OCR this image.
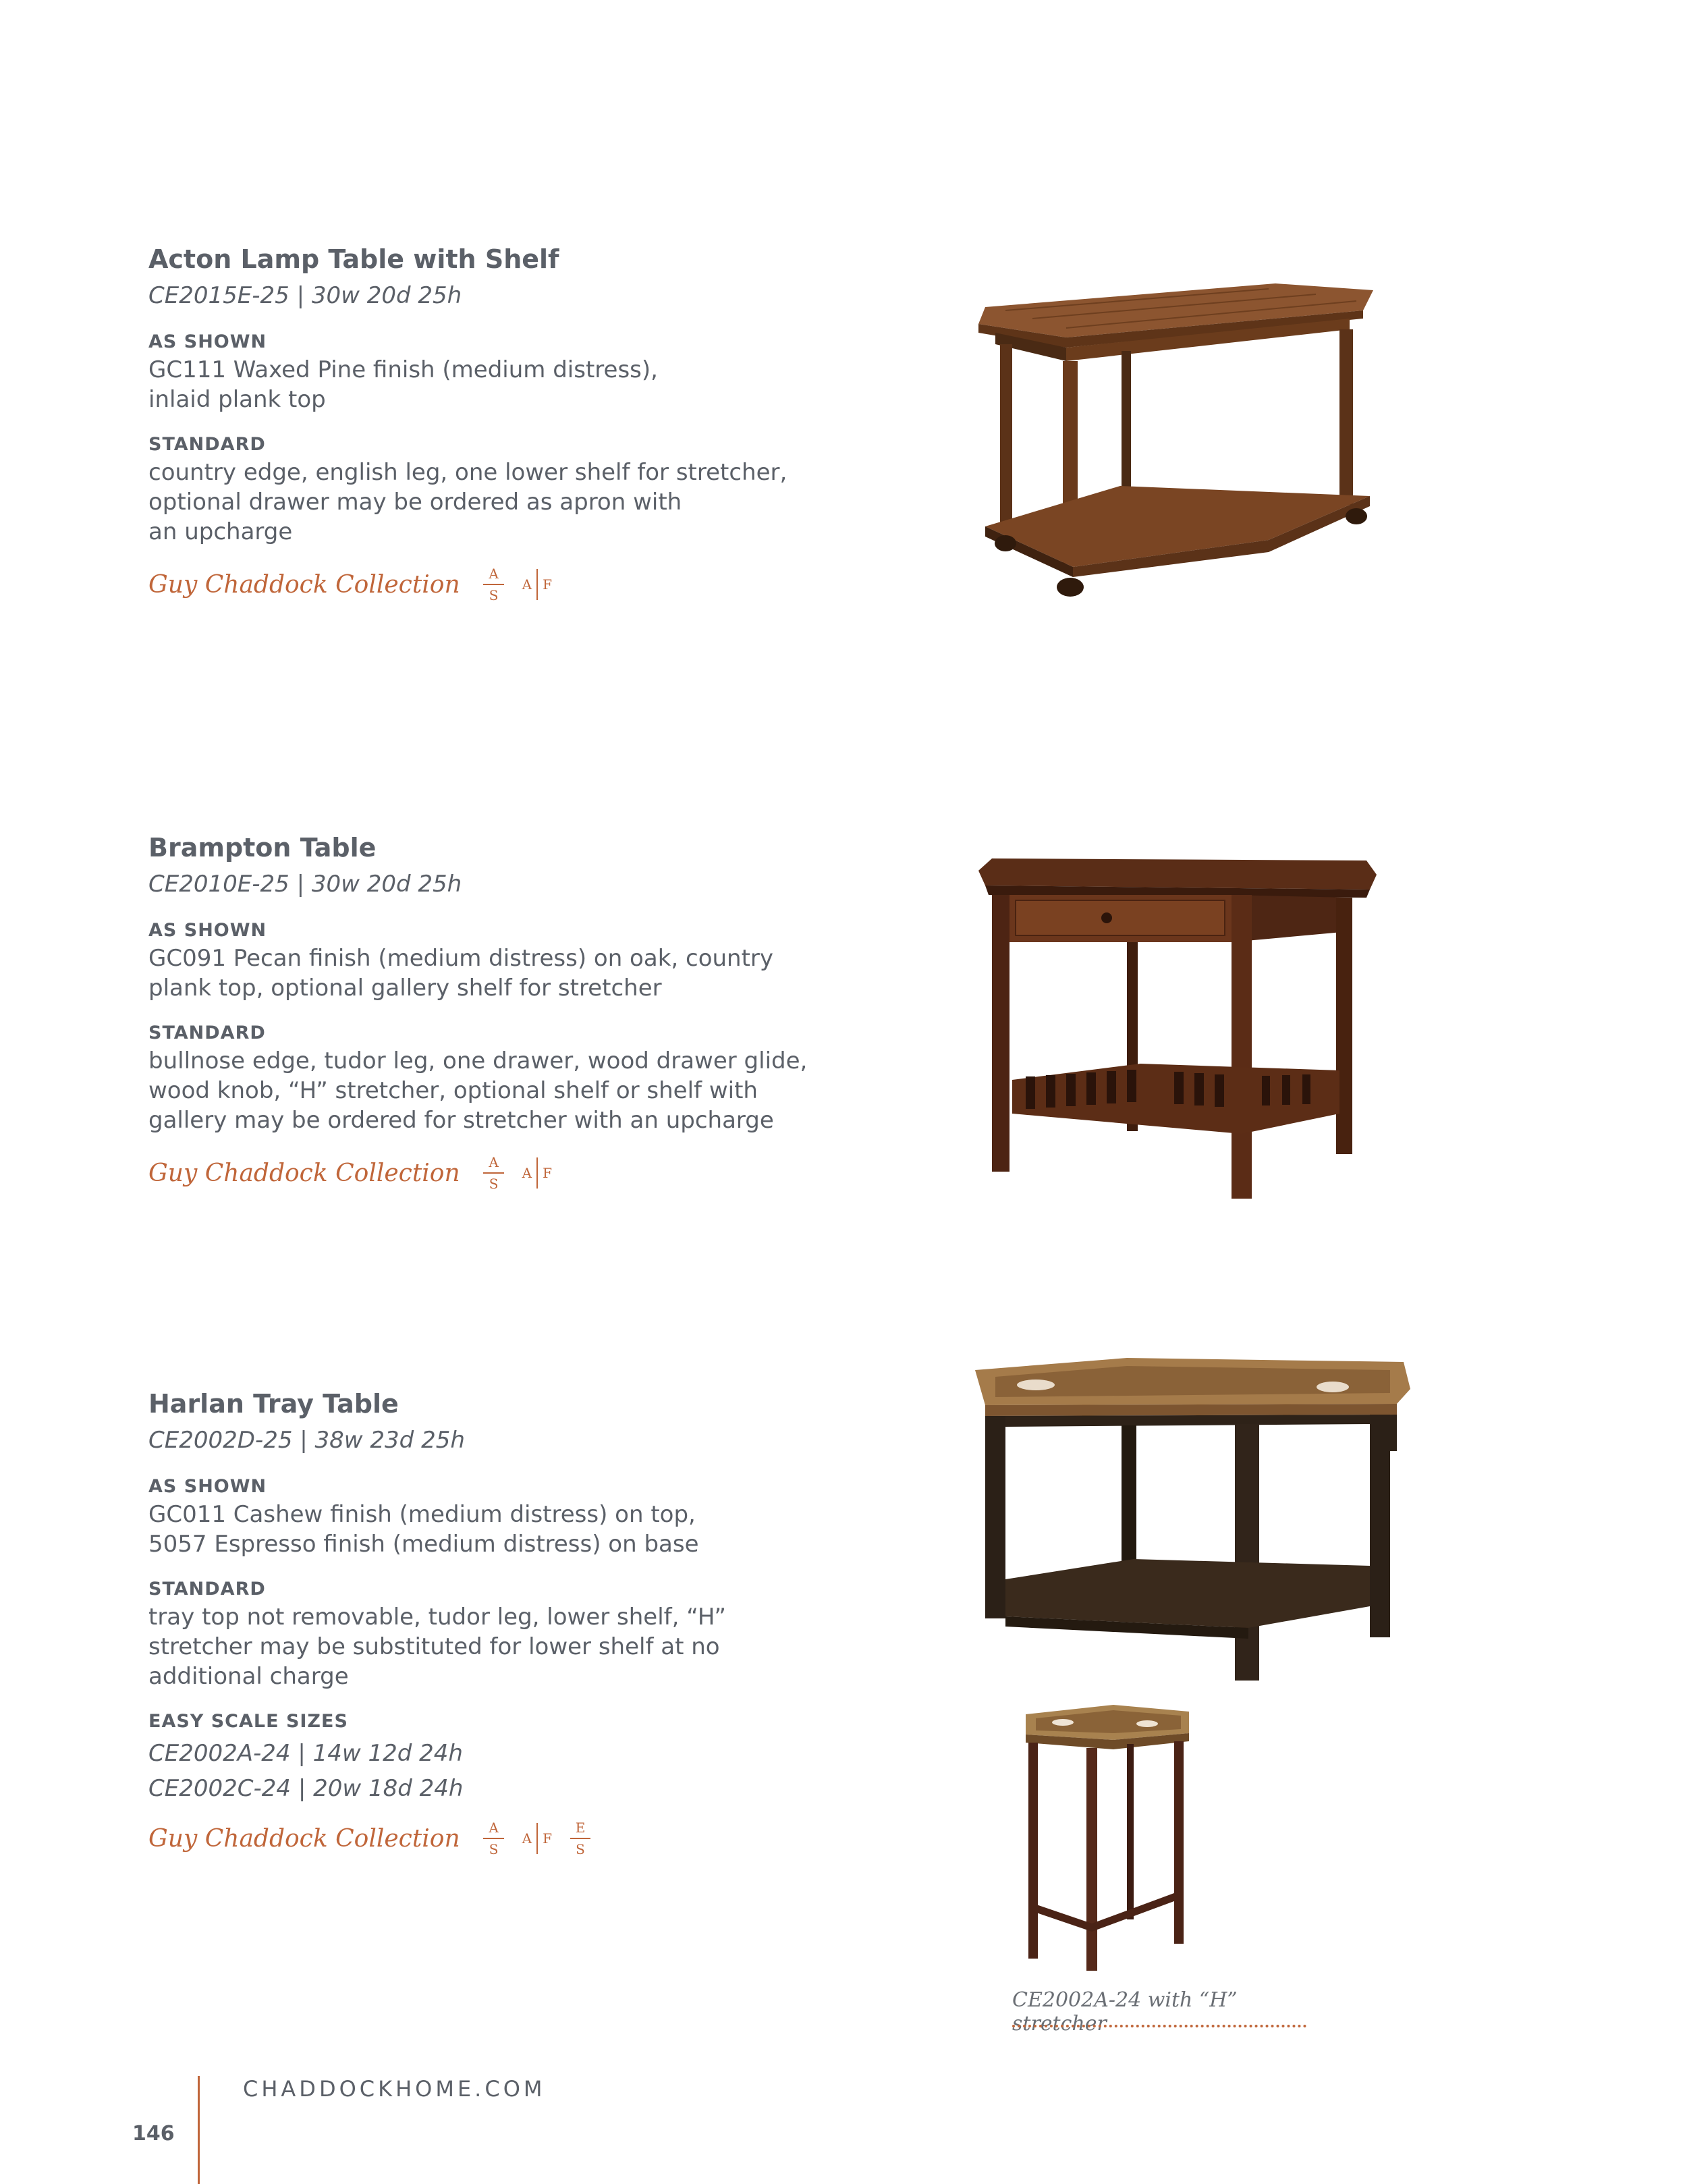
Acton Lamp Table with Shelf
CE2015E-25 | 30w 20d 25h
AS SHOWN
GC111 Waxed Pine finish (medium distress),
inlaid plank top
STANDARD
country edge, english leg, one lower shelf for stretcher,
optional drawer may be ordered as apron with
an upcharge
Guy Chaddock Collection $\frac{A}{S}$ A F
Brampton Table
CE2010E-25 | 30w 20d 25h
AS SHOWN
GC091 Pecan finish (medium distress) on oak, country
plank top, optional gallery shelf for stretcher
STANDARD
bullnose edge, tudor leg, one drawer, wood drawer glide,
wood knob, “H” stretcher, optional shelf or shelf with
gallery may be ordered for stretcher with an upcharge
Guy Chaddock Collection $\frac{A}{S}$ A F
Harlan Tray Table
CE2002D-25 | 38w 23d 25h
AS SHOWN
GC011 Cashew finish (medium distress) on top,
5057 Espresso finish (medium distress) on base
STANDARD
tray top not removable, tudor leg, lower shelf, “H”
stretcher may be substituted for lower shelf at no
additional charge
EASY SCALE SIZES
CE2002A-24 | 14w 12d 24h
CE2002C-24 | 20w 18d 24h
Guy Chaddock Collection $\frac{A}{S}$ A F $\frac{E}{S}$
CE2002A-24 with “H” stretcher
CHADDOCKHOME.COM
146
